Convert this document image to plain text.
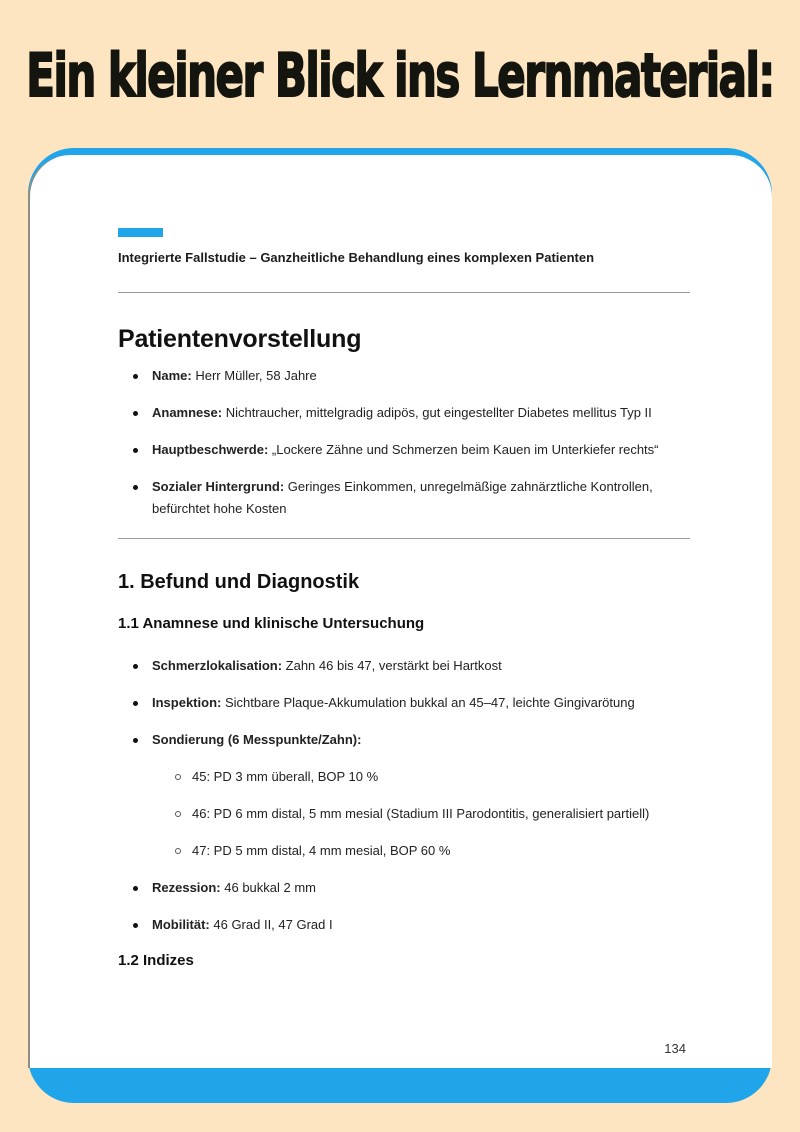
Ein kleiner Blick ins Lernmaterial:
Integrierte Fallstudie – Ganzheitliche Behandlung eines komplexen Patienten
Patientenvorstellung
Name: Herr Müller, 58 Jahre
Anamnese: Nichtraucher, mittelgradig adipös, gut eingestellter Diabetes mellitus Typ II
Hauptbeschwerde: „Lockere Zähne und Schmerzen beim Kauen im Unterkiefer rechts“
Sozialer Hintergrund: Geringes Einkommen, unregelmäßige zahnärztliche Kontrollen, befürchtet hohe Kosten
1. Befund und Diagnostik
1.1 Anamnese und klinische Untersuchung
Schmerzlokalisation: Zahn 46 bis 47, verstärkt bei Hartkost
Inspektion: Sichtbare Plaque-Akkumulation bukkal an 45–47, leichte Gingivarötung
Sondierung (6 Messpunkte/Zahn):
45: PD 3 mm überall, BOP 10 %
46: PD 6 mm distal, 5 mm mesial (Stadium III Parodontitis, generalisiert partiell)
47: PD 5 mm distal, 4 mm mesial, BOP 60 %
Rezession: 46 bukkal 2 mm
Mobilität: 46 Grad II, 47 Grad I
1.2 Indizes
134
